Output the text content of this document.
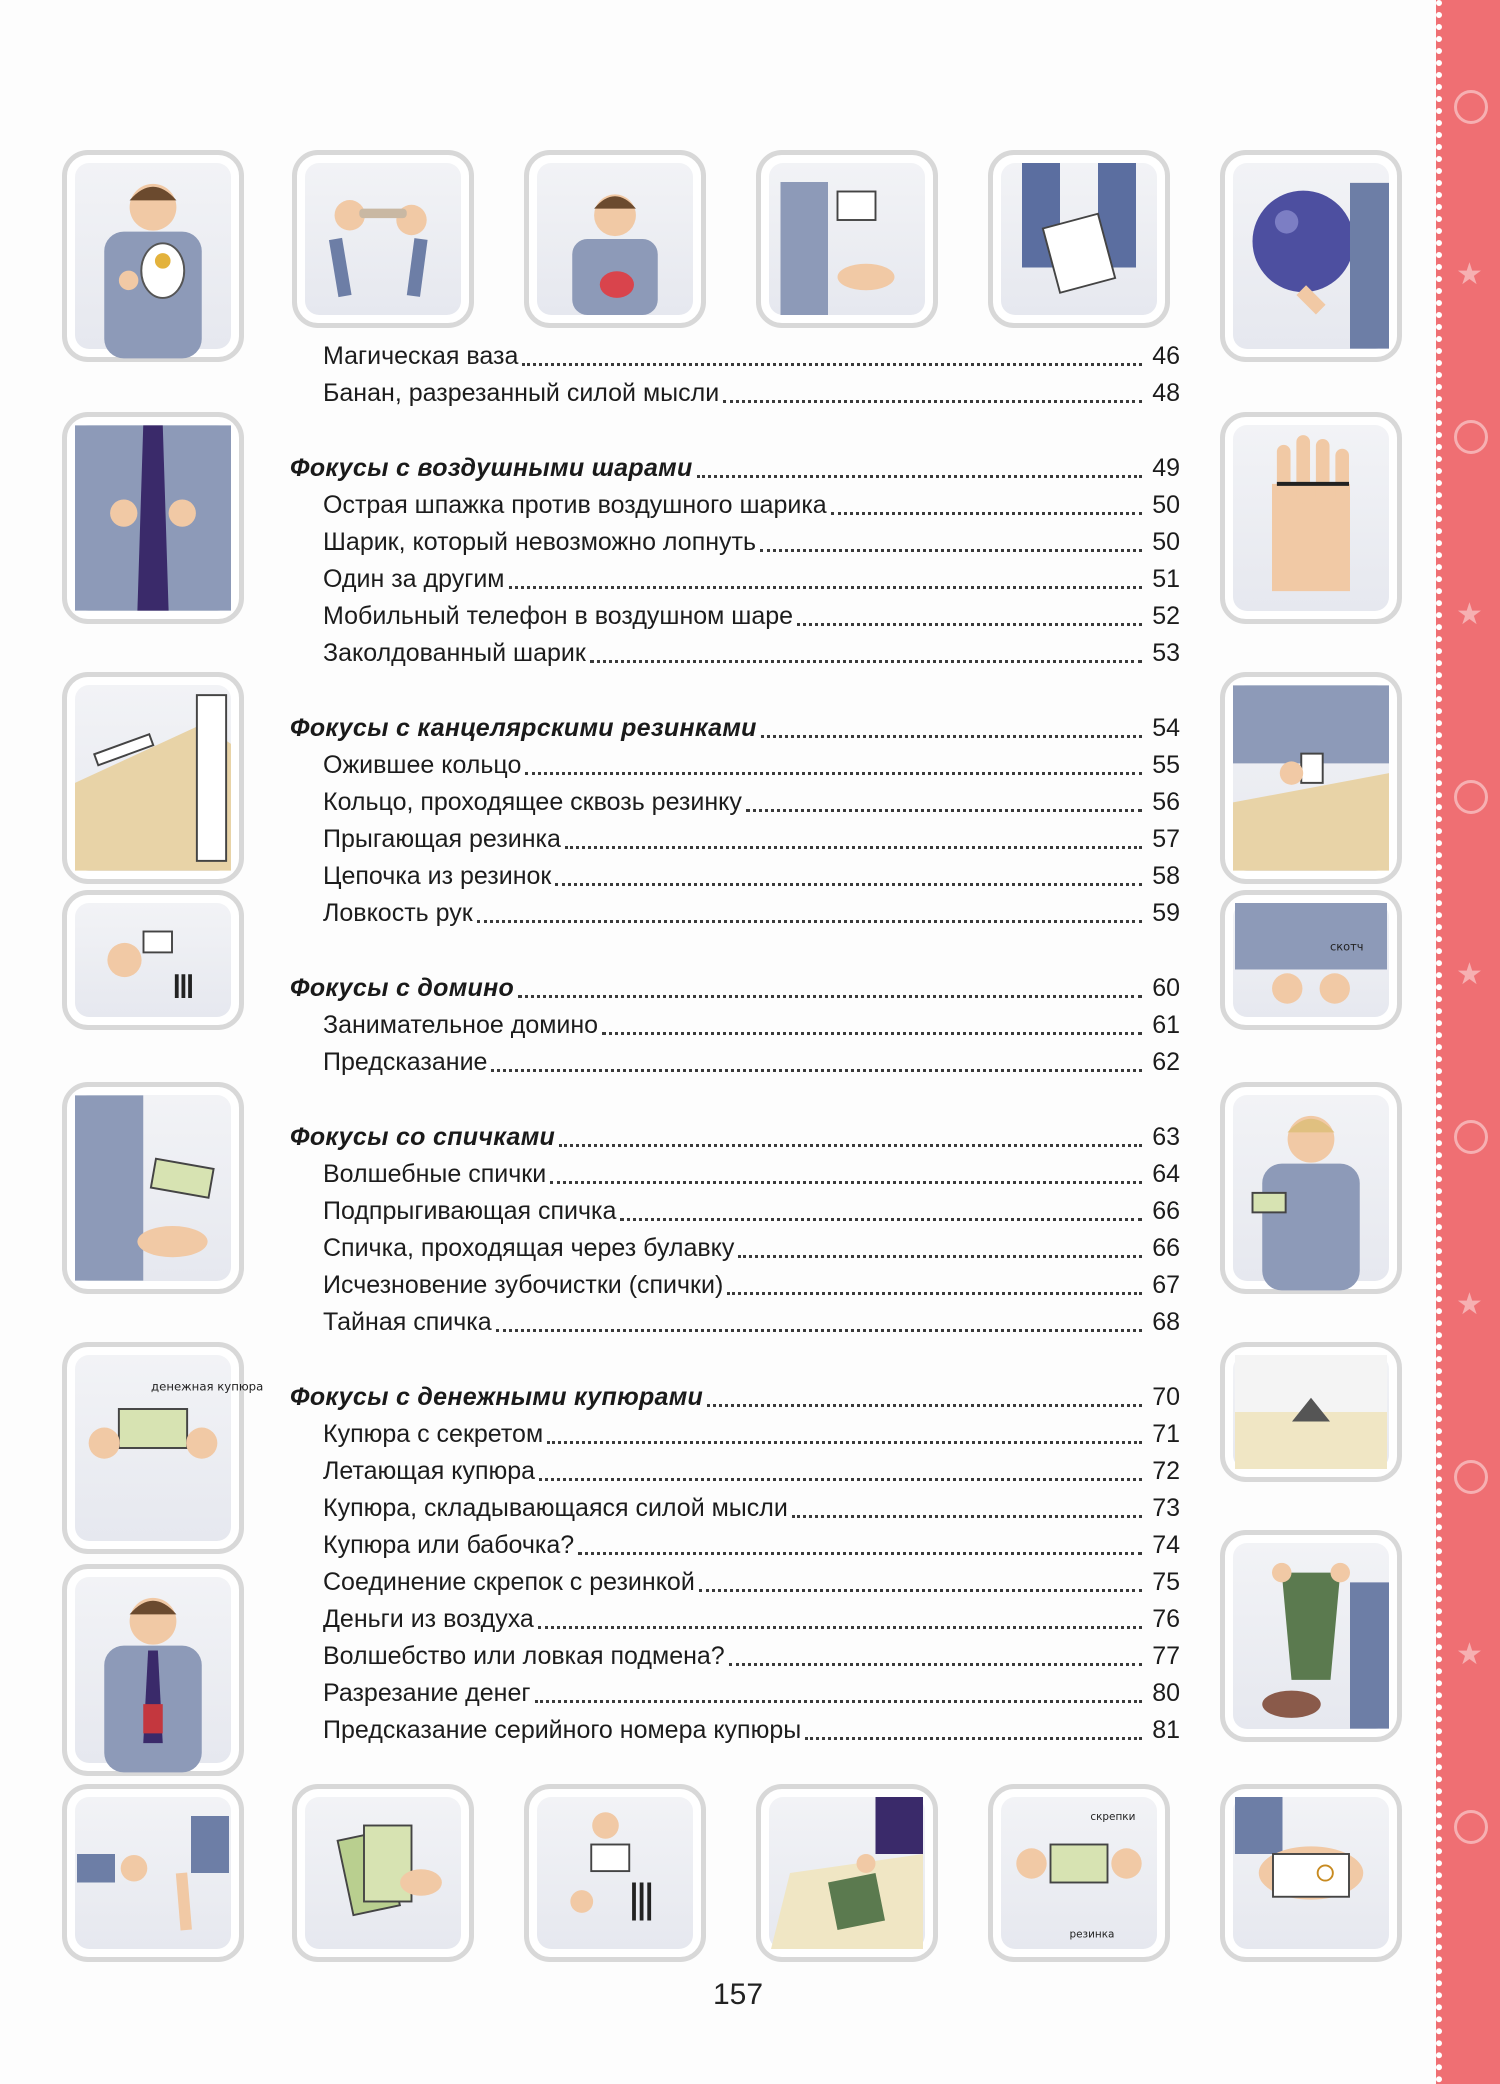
★
★
★
★
★
денежная купюра
скотч
скрепки
резинка
Магическая ваза	46
Банан, разрезанный силой мысли	48
Фокусы с воздушными шарами	49
Острая шпажка против воздушного шарика	50
Шарик, который невозможно лопнуть	50
Один за другим	51
Мобильный телефон в воздушном шаре	52
Заколдованный шарик	53
Фокусы с канцелярскими резинками	54
Ожившее кольцо	55
Кольцо, проходящее сквозь резинку	56
Прыгающая резинка	57
Цепочка из резинок	58
Ловкость рук	59
Фокусы с домино	60
Занимательное домино	61
Предсказание	62
Фокусы со спичками	63
Волшебные спички	64
Подпрыгивающая спичка	66
Спичка, проходящая через булавку	66
Исчезновение зубочистки (спички)	67
Тайная спичка	68
Фокусы с денежными купюрами	70
Купюра с секретом	71
Летающая купюра	72
Купюра, складывающаяся силой мысли	73
Купюра или бабочка?	74
Соединение скрепок с резинкой	75
Деньги из воздуха	76
Волшебство или ловкая подмена?	77
Разрезание денег	80
Предсказание серийного номера купюры	81
157
